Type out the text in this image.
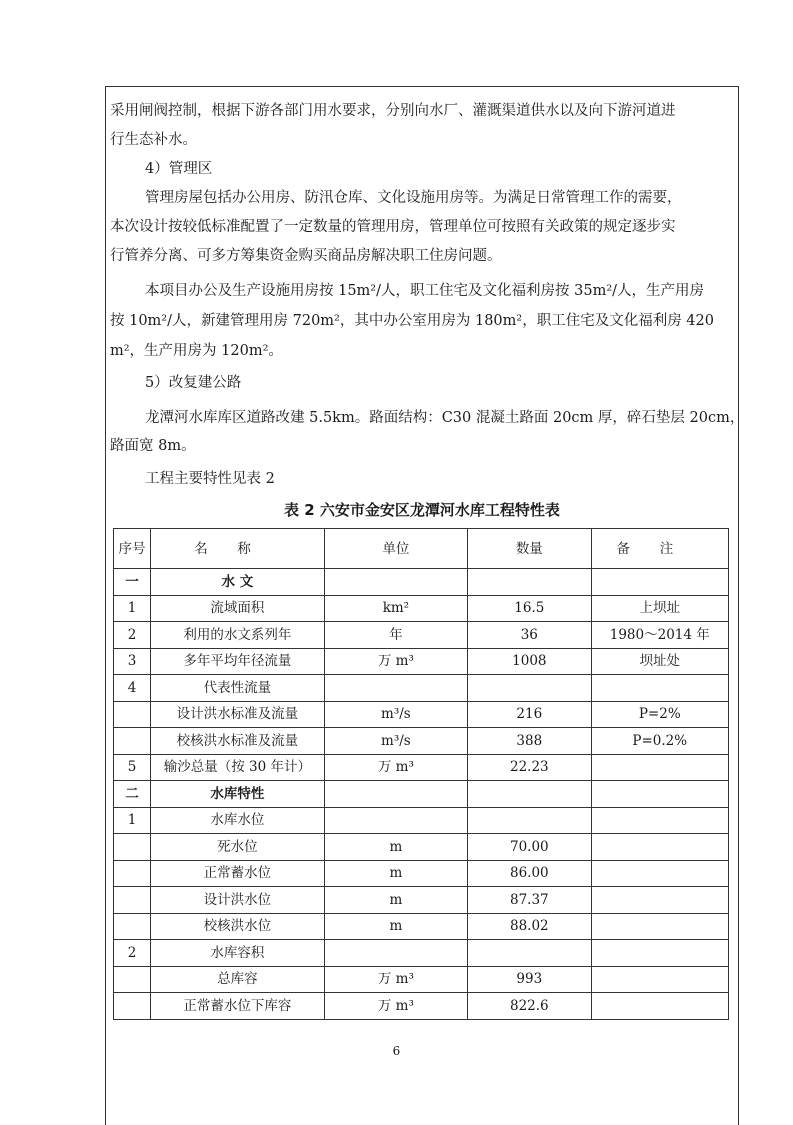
采用闸阀控制，根据下游各部门用水要求，分别向水厂、灌溉渠道供水以及向下游河道进
行生态补水。
4）管理区
管理房屋包括办公用房、防汛仓库、文化设施用房等。为满足日常管理工作的需要，
本次设计按较低标准配置了一定数量的管理用房，管理单位可按照有关政策的规定逐步实
行管养分离、可多方筹集资金购买商品房解决职工住房问题。
本项目办公及生产设施用房按 15m²/人，职工住宅及文化福利房按 35m²/人，生产用房
按 10m²/人，新建管理用房 720m²，其中办公室用房为 180m²，职工住宅及文化福利房 420
m²，生产用房为 120m²。
5）改复建公路
龙潭河水库库区道路改建 5.5km。路面结构：C30 混凝土路面 20cm 厚，碎石垫层 20cm，
路面宽 8m。
工程主要特性见表 2
表 2 六安市金安区龙潭河水库工程特性表
序号	名称	单位	数量	备注
一	水 文			
1	流域面积	km²	16.5	上坝址
2	利用的水文系列年	年	36	1980～2014 年
3	多年平均年径流量	万 m³	1008	坝址处
4	代表性流量			
	设计洪水标准及流量	m³/s	216	P=2%
	校核洪水标准及流量	m³/s	388	P=0.2%
5	输沙总量（按 30 年计）	万 m³	22.23	
二	水库特性			
1	水库水位			
	死水位	m	70.00	
	正常蓄水位	m	86.00	
	设计洪水位	m	87.37	
	校核洪水位	m	88.02	
2	水库容积			
	总库容	万 m³	993	
	正常蓄水位下库容	万 m³	822.6	
6
